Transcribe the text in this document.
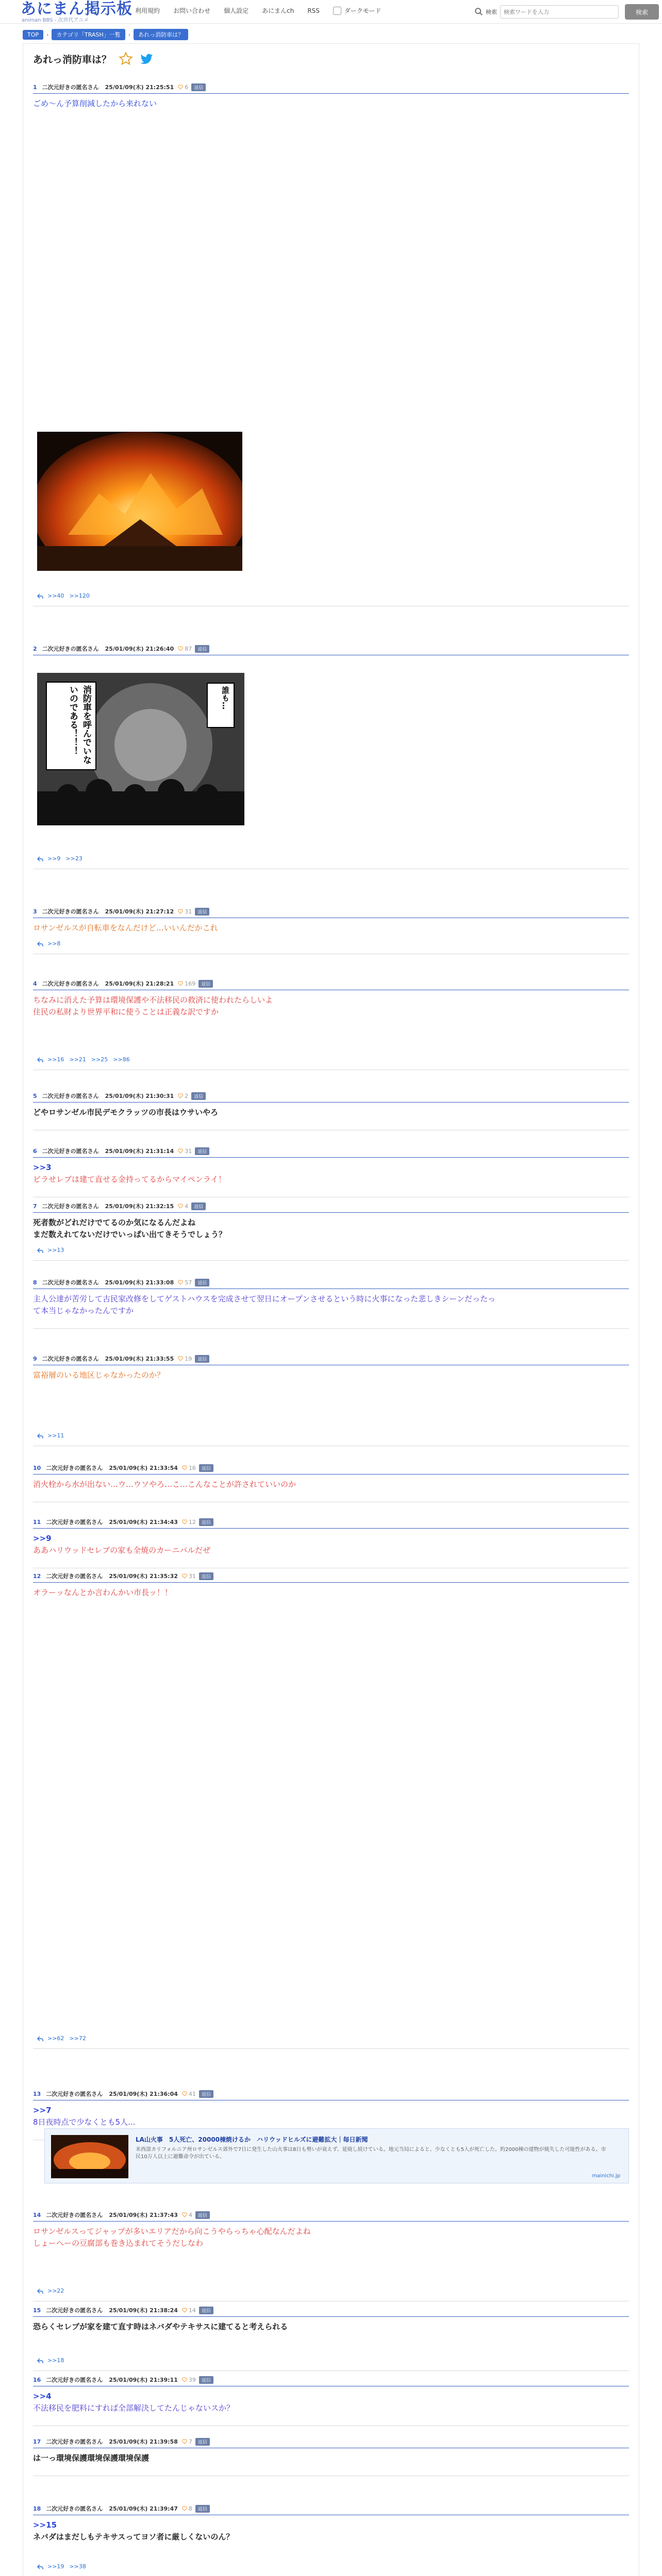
あにまん掲示板
animan BBS - 次世代アニメ
利用規約 お問い合わせ 個人設定 あにまんch RSS	ダークモード	検索
検索ワードを入力	検索
TOP	›	カテゴリ「TRASH」一覧	›	あれっ消防車は？
あれっ消防車は？
1 二次元好きの匿名さん 25/01/09(木) 21:25:51 6	返信
ごめ～ん予算削減したから来れない
>>40 >>120
2 二次元好きの匿名さん 25/01/09(木) 21:26:40 87	返信
>>9 >>23
3 二次元好きの匿名さん 25/01/09(木) 21:27:12 31	返信
ロサンゼルスが自転車をなんだけど…いいんだかこれ
>>8
4 二次元好きの匿名さん 25/01/09(木) 21:28:21 169	返信
ちなみに消えた予算は環境保護や不法移民の救済に使われたらしいよ
住民の私財より世界平和に使うことは正義な訳ですか
>>16 >>21 >>25 >>86
5 二次元好きの匿名さん 25/01/09(木) 21:30:31 2	返信
どやロサンゼル市民デモクラッツの市長はウサいやろ
6 二次元好きの匿名さん 25/01/09(木) 21:31:14 31	返信
>>3
ビラせレブは建て直せる金持ってるからマイペンライ！
7 二次元好きの匿名さん 25/01/09(木) 21:32:15 4	返信
死者数がどれだけでてるのか気になるんだよね
まだ数えれてないだけでいっぱい出てきそうでしょう？
>>13
8 二次元好きの匿名さん 25/01/09(木) 21:33:08 57	返信
主人公達が苦労して古民家改修をしてゲストハウスを完成させて翌日にオープンさせるという時に火事になった悲しきシーンだったっ
て本当じゃなかったんですか
9 二次元好きの匿名さん 25/01/09(木) 21:33:55 19	返信
富裕層のいる地区じゃなかったのか？
>>11
10 二次元好きの匿名さん 25/01/09(木) 21:33:54 16	返信
消火栓から水が出ない…ウ…ウソやろ…こ…こんなことが許されていいのか
11 二次元好きの匿名さん 25/01/09(木) 21:34:43 12	返信
>>9
ああハリウッドセレブの家も全焼のカーニバルだぜ
12 二次元好きの匿名さん 25/01/09(木) 21:35:32 31	返信
オラーッなんとか言わんかい市長ッ！！
>>62 >>72
13 二次元好きの匿名さん 25/01/09(木) 21:36:04 41	返信
>>7
8日夜時点で少なくとも5人...
14 二次元好きの匿名さん 25/01/09(木) 21:37:43 4	返信
ロサンゼルスってジャップが多いエリアだから向こうやらっちゃ心配なんだよね
しょーへーの豆腐部も巻き込まれてそうだしなわ
>>22
15 二次元好きの匿名さん 25/01/09(木) 21:38:24 14	返信
恐らくセレブが家を建て直す時はネバダやテキサスに建てると考えられる
>>18
16 二次元好きの匿名さん 25/01/09(木) 21:39:11 39	返信
>>4
不法移民を肥料にすれば全部解決してたんじゃないスか？
17 二次元好きの匿名さん 25/01/09(木) 21:39:58 7	返信
は一っ環境保護環境保護環境保護
18 二次元好きの匿名さん 25/01/09(木) 21:39:47 8	返信
>>15
ネバダはまだしもテキサスってヨソ者に厳しくないのん？
>>19 >>38
誰も…
消防車を呼んでいないのである！！！
LA山火事　5人死亡、20000棟焼けるか　ハリウッドヒルズに避難拡大｜毎日新聞
米西部カリフォルニア州ロサンゼルス郊外で7日に発生した山火事は8日も勢いが衰えず、延焼し続けている。地元当局によると、少なくとも5人が死亡した。約2000棟の建物が焼失した可能性がある。市民10万人以上に避難命令が出ている。
mainichi.jp
